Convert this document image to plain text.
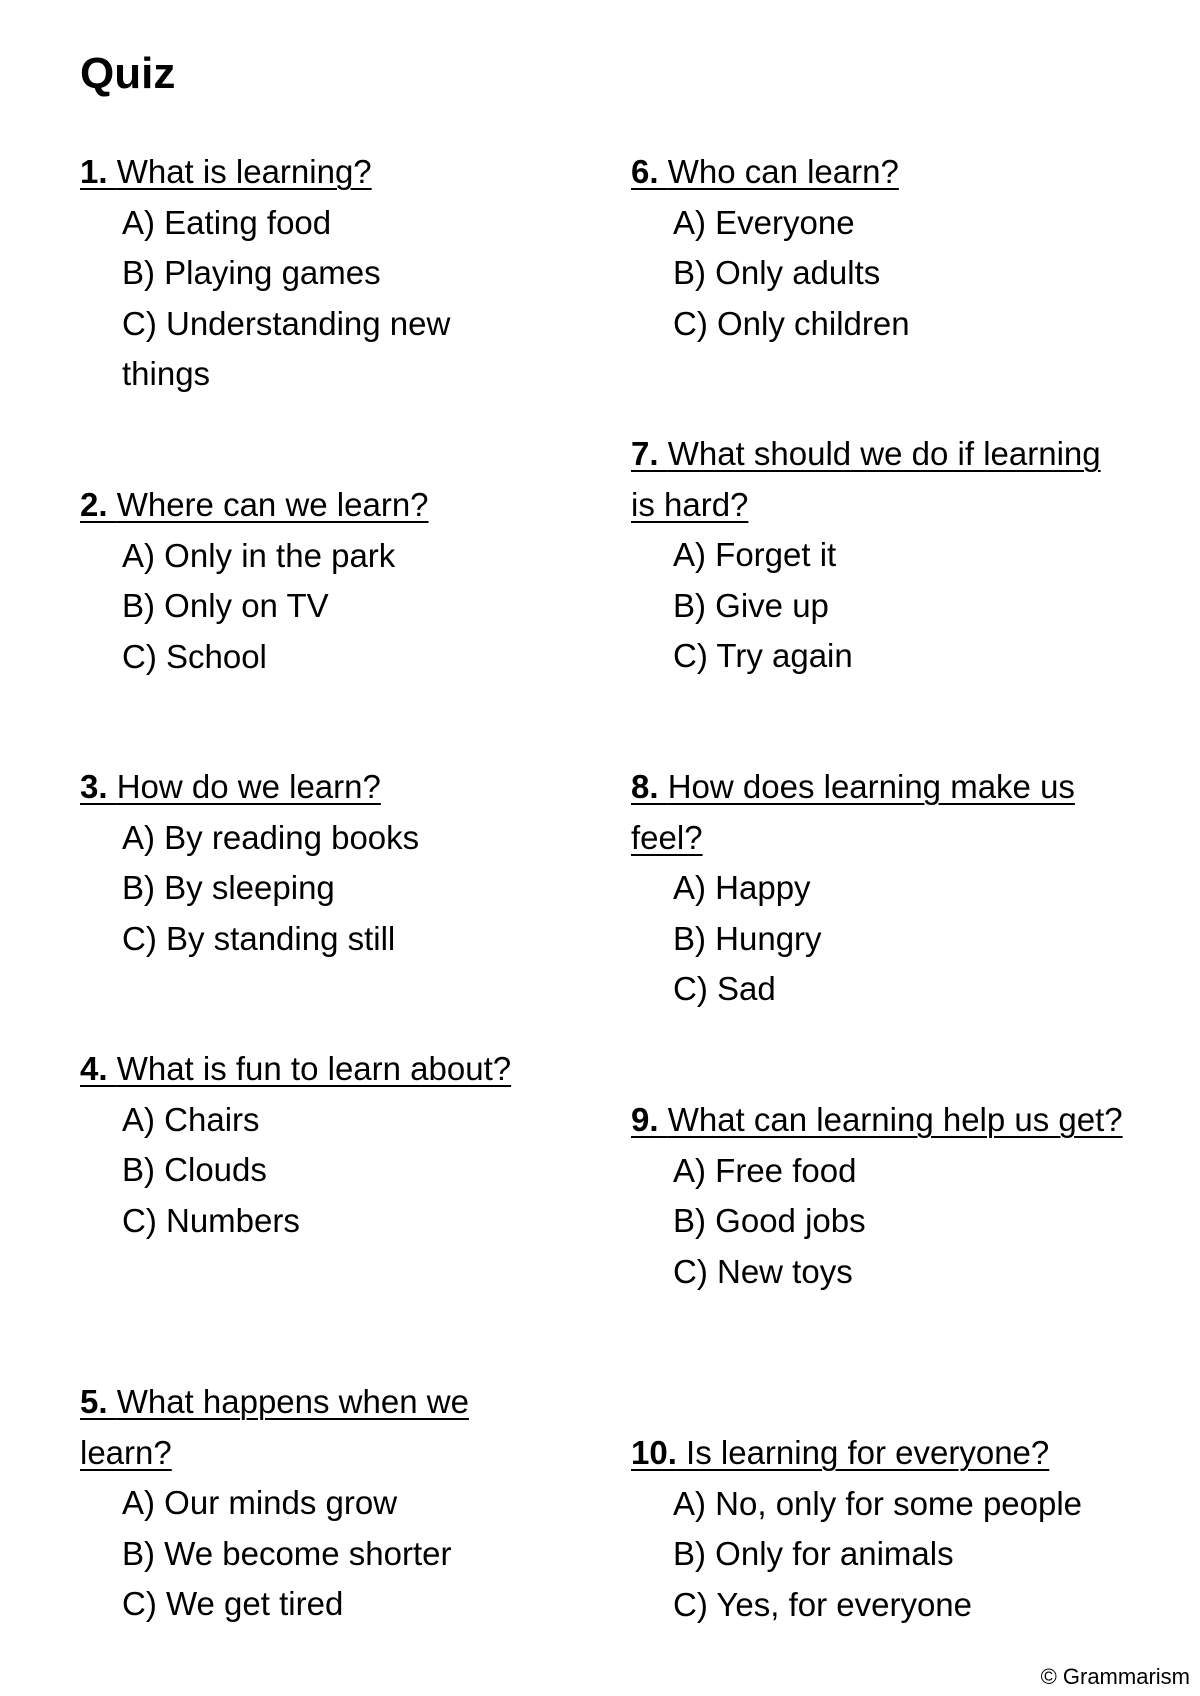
Quiz
1. What is learning?
A) Eating food
B) Playing games
C) Understanding new things
2. Where can we learn?
A) Only in the park
B) Only on TV
C) School
3. How do we learn?
A) By reading books
B) By sleeping
C) By standing still
4. What is fun to learn about?
A) Chairs
B) Clouds
C) Numbers
5. What happens when we learn?
A) Our minds grow
B) We become shorter
C) We get tired
6. Who can learn?
A) Everyone
B) Only adults
C) Only children
7. What should we do if learning is hard?
A) Forget it
B) Give up
C) Try again
8. How does learning make us feel?
A) Happy
B) Hungry
C) Sad
9. What can learning help us get?
A) Free food
B) Good jobs
C) New toys
10. Is learning for everyone?
A) No, only for some people
B) Only for animals
C) Yes, for everyone
© Grammarism
